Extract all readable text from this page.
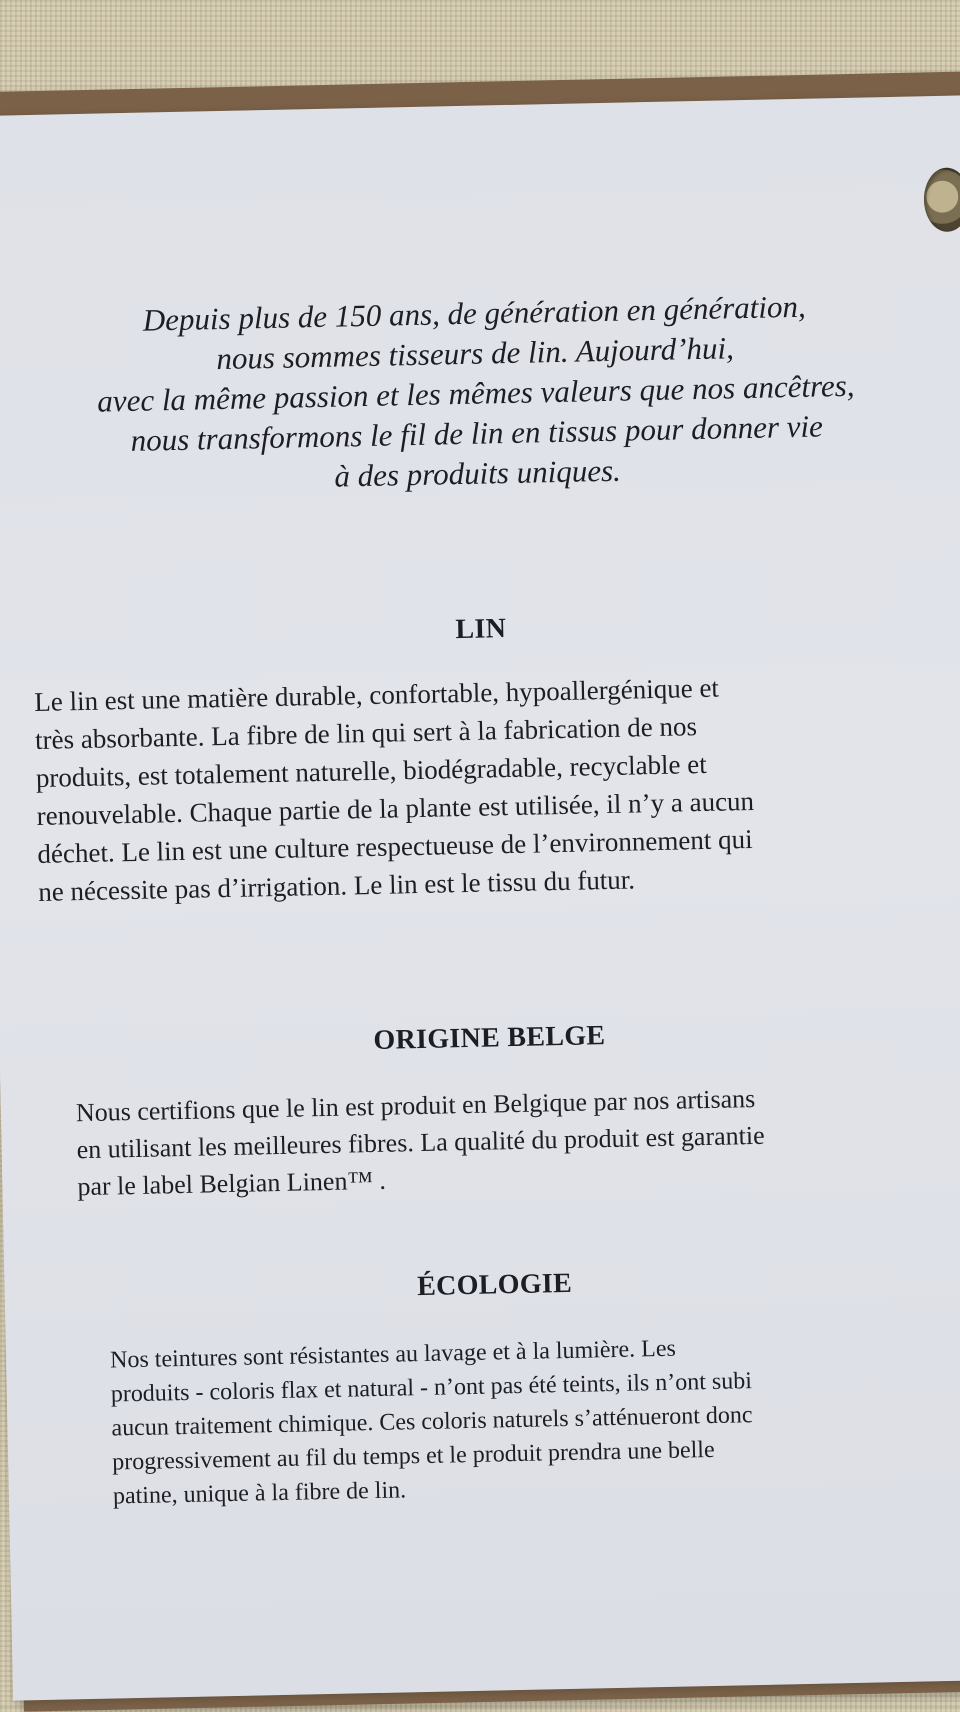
Depuis plus de 150 ans, de génération en génération,
nous sommes tisseurs de lin. Aujourd’hui,
avec la même passion et les mêmes valeurs que nos ancêtres,
nous transformons le fil de lin en tissus pour donner vie
à des produits uniques.
LIN
Le lin est une matière durable, confortable, hypoallergénique et
très absorbante. La fibre de lin qui sert à la fabrication de nos
produits, est totalement naturelle, biodégradable, recyclable et
renouvelable. Chaque partie de la plante est utilisée, il n’y a aucun
déchet. Le lin est une culture respectueuse de l’environnement qui
ne nécessite pas d’irrigation. Le lin est le tissu du futur.
ORIGINE BELGE
Nous certifions que le lin est produit en Belgique par nos artisans
en utilisant les meilleures fibres. La qualité du produit est garantie
par le label Belgian Linen™ .
ÉCOLOGIE
Nos teintures sont résistantes au lavage et à la lumière. Les
produits - coloris flax et natural - n’ont pas été teints, ils n’ont subi
aucun traitement chimique. Ces coloris naturels s’atténueront donc
progressivement au fil du temps et le produit prendra une belle
patine, unique à la fibre de lin.
